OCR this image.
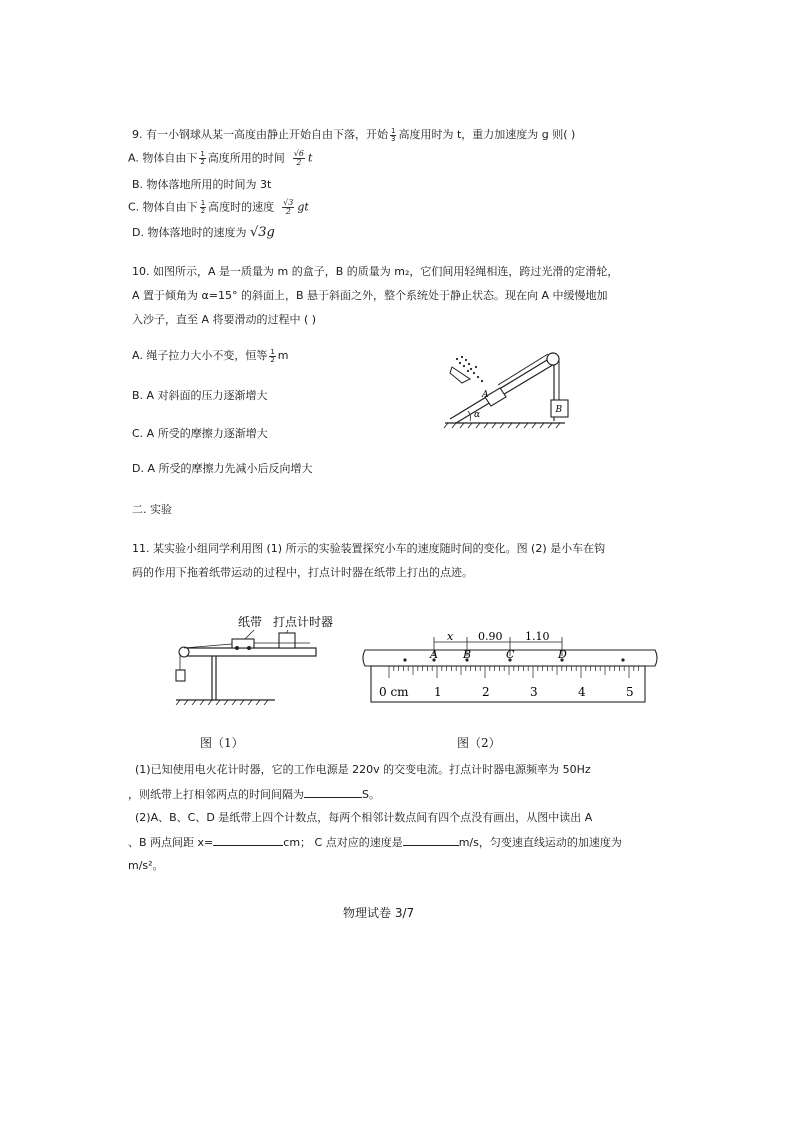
9. 有一小钢球从某一高度由静止开始自由下落，开始 $\frac{1}{3}$ 高度用时为 t，重力加速度为 g 则( )
A. 物体自由下 $\frac{1}{2}$ 高度所用的时间 $\frac{√6}{2}$ t
B. 物体落地所用的时间为 3t
C. 物体自由下 $\frac{1}{2}$ 高度时的速度 $\frac{√3}{2}$ gt
D. 物体落地时的速度为 √3g
10. 如图所示，A 是一质量为 m 的盒子，B 的质量为 m₂，它们间用轻绳相连，跨过光滑的定滑轮，
A 置于倾角为 α=15° 的斜面上，B 悬于斜面之外，整个系统处于静止状态。现在向 A 中缓慢地加
入沙子，直至 A 将要滑动的过程中 ( )
A. 绳子拉力大小不变，恒等 $\frac{1}{2}$ m
B. A 对斜面的压力逐渐增大
C. A 所受的摩擦力逐渐增大
D. A 所受的摩擦力先减小后反向增大
A
B
α
二. 实验
11. 某实验小组同学利用图 (1) 所示的实验装置探究小车的速度随时间的变化。图 (2) 是小车在钩
码的作用下拖着纸带运动的过程中，打点计时器在纸带上打出的点迹。
纸带 打点计时器
图（1）
x 0.90 1.10
A B	C	D
0 cm 1	2	3	4	5
图（2）
(1)已知使用电火花计时器，它的工作电源是 220v 的交变电流。打点计时器电源频率为 50Hz
，则纸带上打相邻两点的时间间隔为	S。
(2)A、B、C、D 是纸带上四个计数点，每两个相邻计数点间有四个点没有画出，从图中读出 A
、B 两点间距 x=	cm； C 点对应的速度是	m/s，匀变速直线运动的加速度为
m/s²。
物理试卷 3/7
